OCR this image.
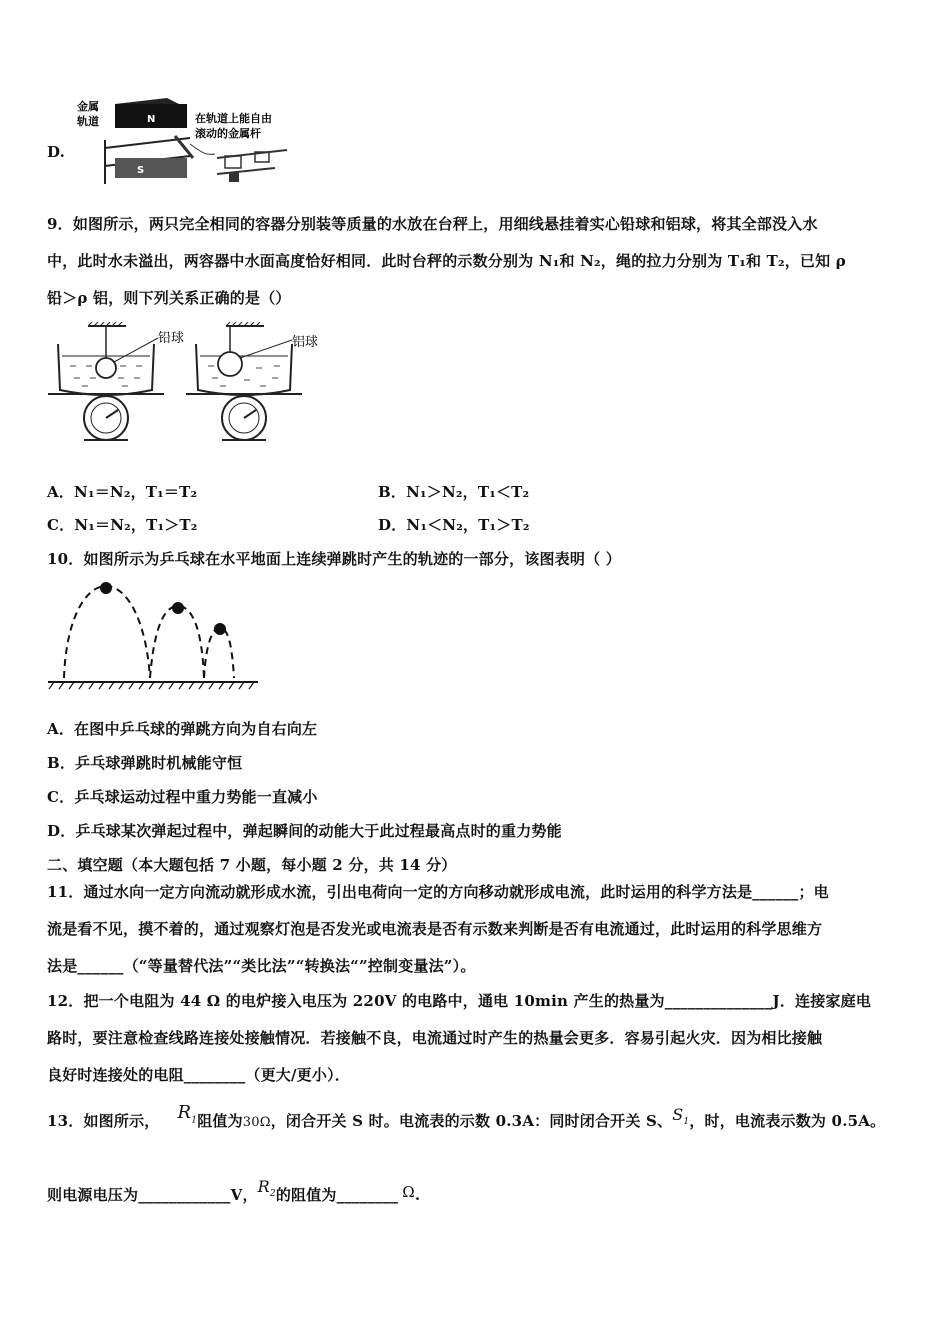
D.
金属
轨道	N
S
在轨道上能自由
滚动的金属杆
9．如图所示，两只完全相同的容器分别装等质量的水放在台秤上，用细线悬挂着实心铅球和铝球，将其全部没入水
中，此时水未溢出，两容器中水面高度恰好相同．此时台秤的示数分别为 N₁和 N₂，绳的拉力分别为 T₁和 T₂，已知 ρ
铅＞ρ 铝，则下列关系正确的是（）
铅球	铝球
A．N₁＝N₂，T₁＝T₂	B．N₁＞N₂，T₁＜T₂
C．N₁＝N₂，T₁＞T₂	D．N₁＜N₂，T₁＞T₂
10．如图所示为乒乓球在水平地面上连续弹跳时产生的轨迹的一部分，该图表明（ ）
A．在图中乒乓球的弹跳方向为自右向左
B．乒乓球弹跳时机械能守恒
C．乒乓球运动过程中重力势能一直减小
D．乒乓球某次弹起过程中，弹起瞬间的动能大于此过程最高点时的重力势能
二、填空题（本大题包括 7 小题，每小题 2 分，共 14 分）
11．通过水向一定方向流动就形成水流，引出电荷向一定的方向移动就形成电流，此时运用的科学方法是______；电
流是看不见，摸不着的，通过观察灯泡是否发光或电流表是否有示数来判断是否有电流通过，此时运用的科学思维方
法是______（“等量替代法”“类比法”“转换法“”控制变量法”）。
12．把一个电阻为 44 Ω 的电炉接入电压为 220V 的电路中，通电 10min 产生的热量为______________J．连接家庭电
路时，要注意检查线路连接处接触情况．若接触不良，电流通过时产生的热量会更多．容易引起火灾．因为相比接触
良好时连接处的电阻________（更大/更小）．
13．如图所示， $R_1$阻值为30Ω，闭合开关 S 时。电流表的示数 0.3A：同时闭合开关 S、$S_1$，时，电流表示数为 0.5A。
则电源电压为____________V，$R_2$的阻值为________ Ω.
